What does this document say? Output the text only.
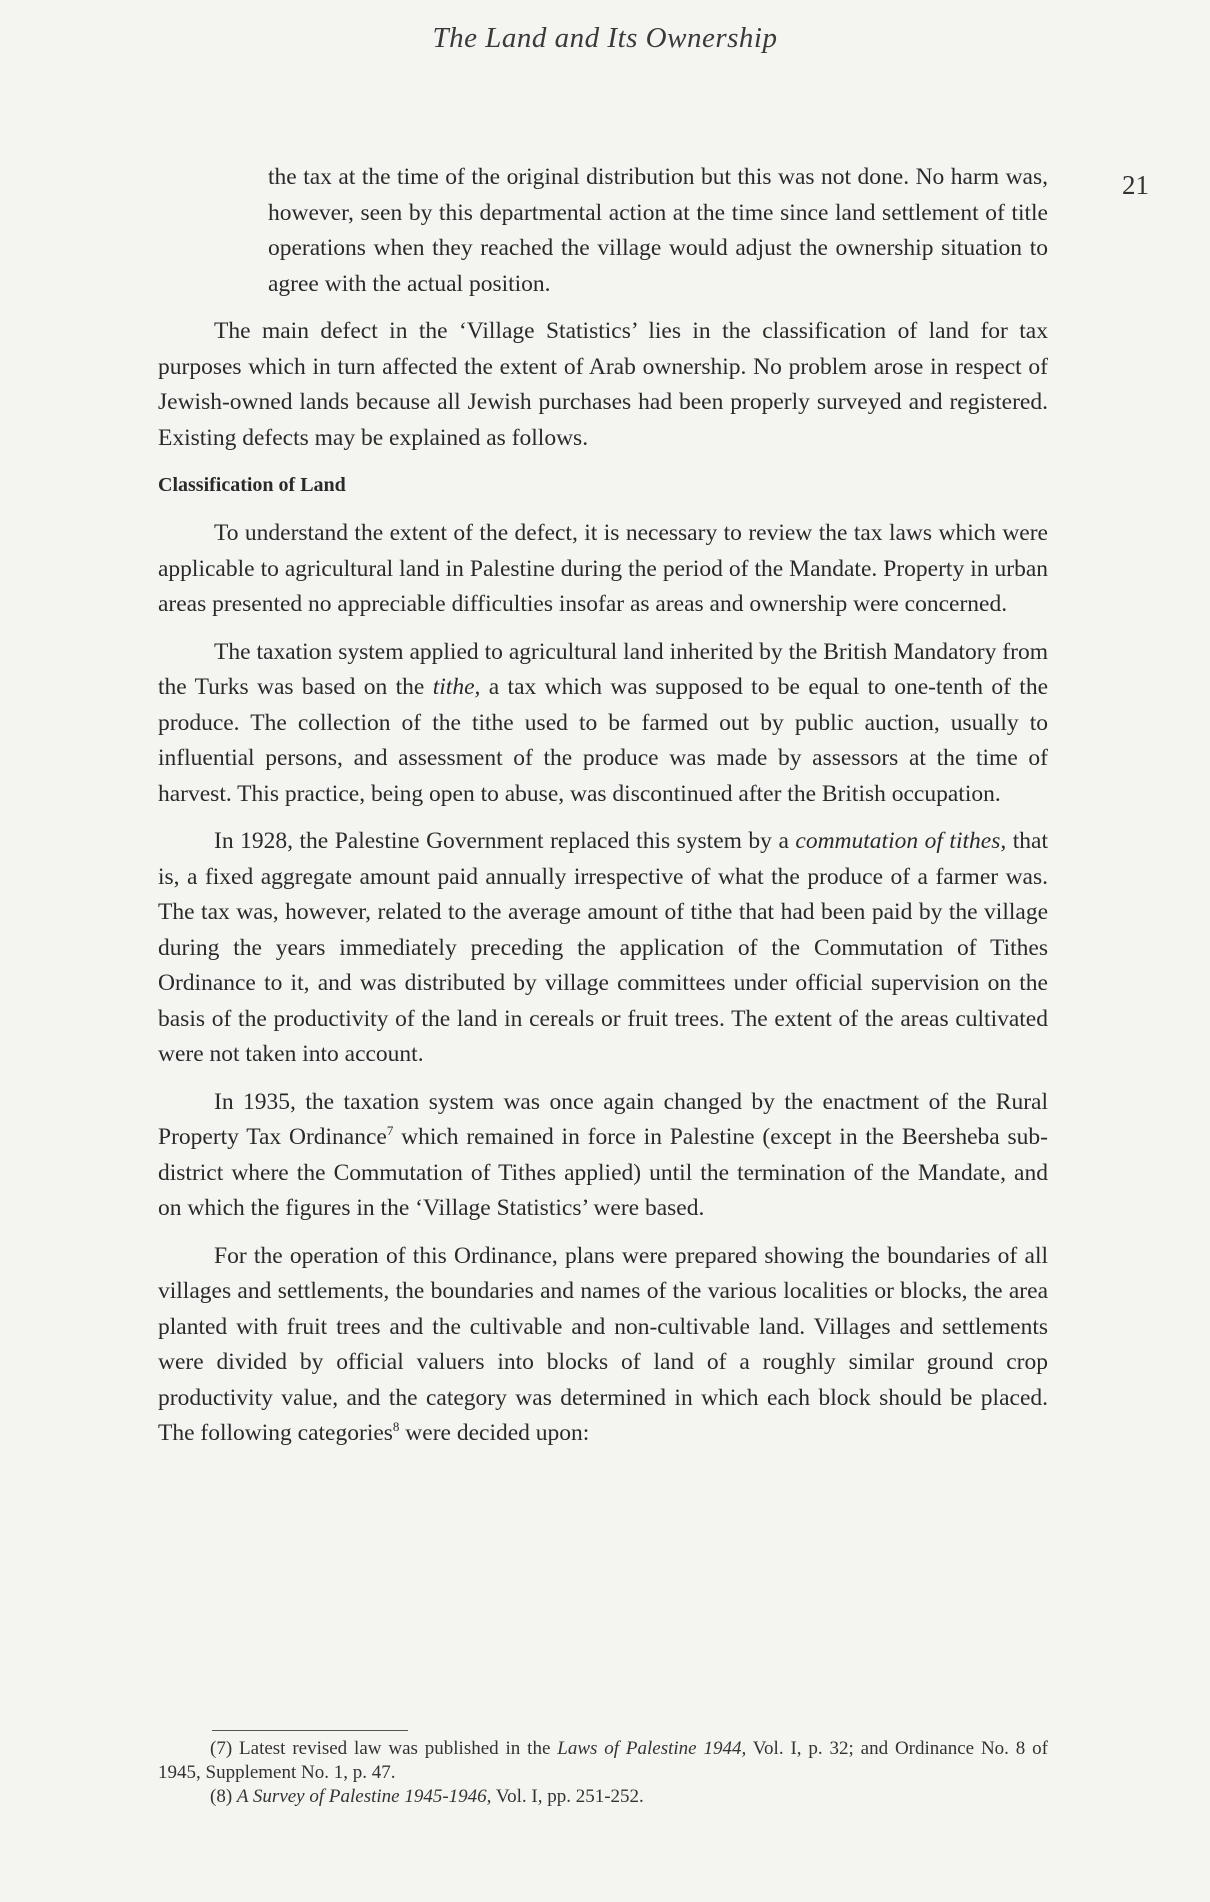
The Land and Its Ownership
21

the tax at the time of the original distribution but this was not done. No harm was, however, seen by this departmental action at the time since land settlement of title operations when they reached the village would adjust the ownership situation to agree with the actual position.

The main defect in the ‘Village Statistics’ lies in the classification of land for tax purposes which in turn affected the extent of Arab ownership. No problem arose in respect of Jewish-owned lands because all Jewish purchases had been properly surveyed and registered. Existing defects may be explained as follows.

Classification of Land

To understand the extent of the defect, it is necessary to review the tax laws which were applicable to agricultural land in Palestine during the period of the Mandate. Property in urban areas presented no appreciable difficulties insofar as areas and ownership were concerned.

The taxation system applied to agricultural land inherited by the British Mandatory from the Turks was based on the tithe, a tax which was supposed to be equal to one-tenth of the produce. The collection of the tithe used to be farmed out by public auction, usually to influential persons, and assessment of the produce was made by assessors at the time of harvest. This practice, being open to abuse, was discontinued after the British occupation.

In 1928, the Palestine Government replaced this system by a commutation of tithes, that is, a fixed aggregate amount paid annually irrespective of what the produce of a farmer was. The tax was, however, related to the average amount of tithe that had been paid by the village during the years immediately preceding the application of the Commutation of Tithes Ordinance to it, and was distributed by village committees under official supervision on the basis of the productivity of the land in cereals or fruit trees. The extent of the areas cultivated were not taken into account.

In 1935, the taxation system was once again changed by the enactment of the Rural Property Tax Ordinance$^7$ which remained in force in Palestine (except in the Beersheba sub-district where the Commutation of Tithes applied) until the termination of the Mandate, and on which the figures in the ‘Village Statistics’ were based.

For the operation of this Ordinance, plans were prepared showing the boundaries of all villages and settlements, the boundaries and names of the various localities or blocks, the area planted with fruit trees and the cultivable and non-cultivable land. Villages and settlements were divided by official valuers into blocks of land of a roughly similar ground crop productivity value, and the category was determined in which each block should be placed. The following categories$^8$ were decided upon:

(7) Latest revised law was published in the Laws of Palestine 1944, Vol. I, p. 32; and Ordinance No. 8 of 1945, Supplement No. 1, p. 47.

(8) A Survey of Palestine 1945-1946, Vol. I, pp. 251-252.
